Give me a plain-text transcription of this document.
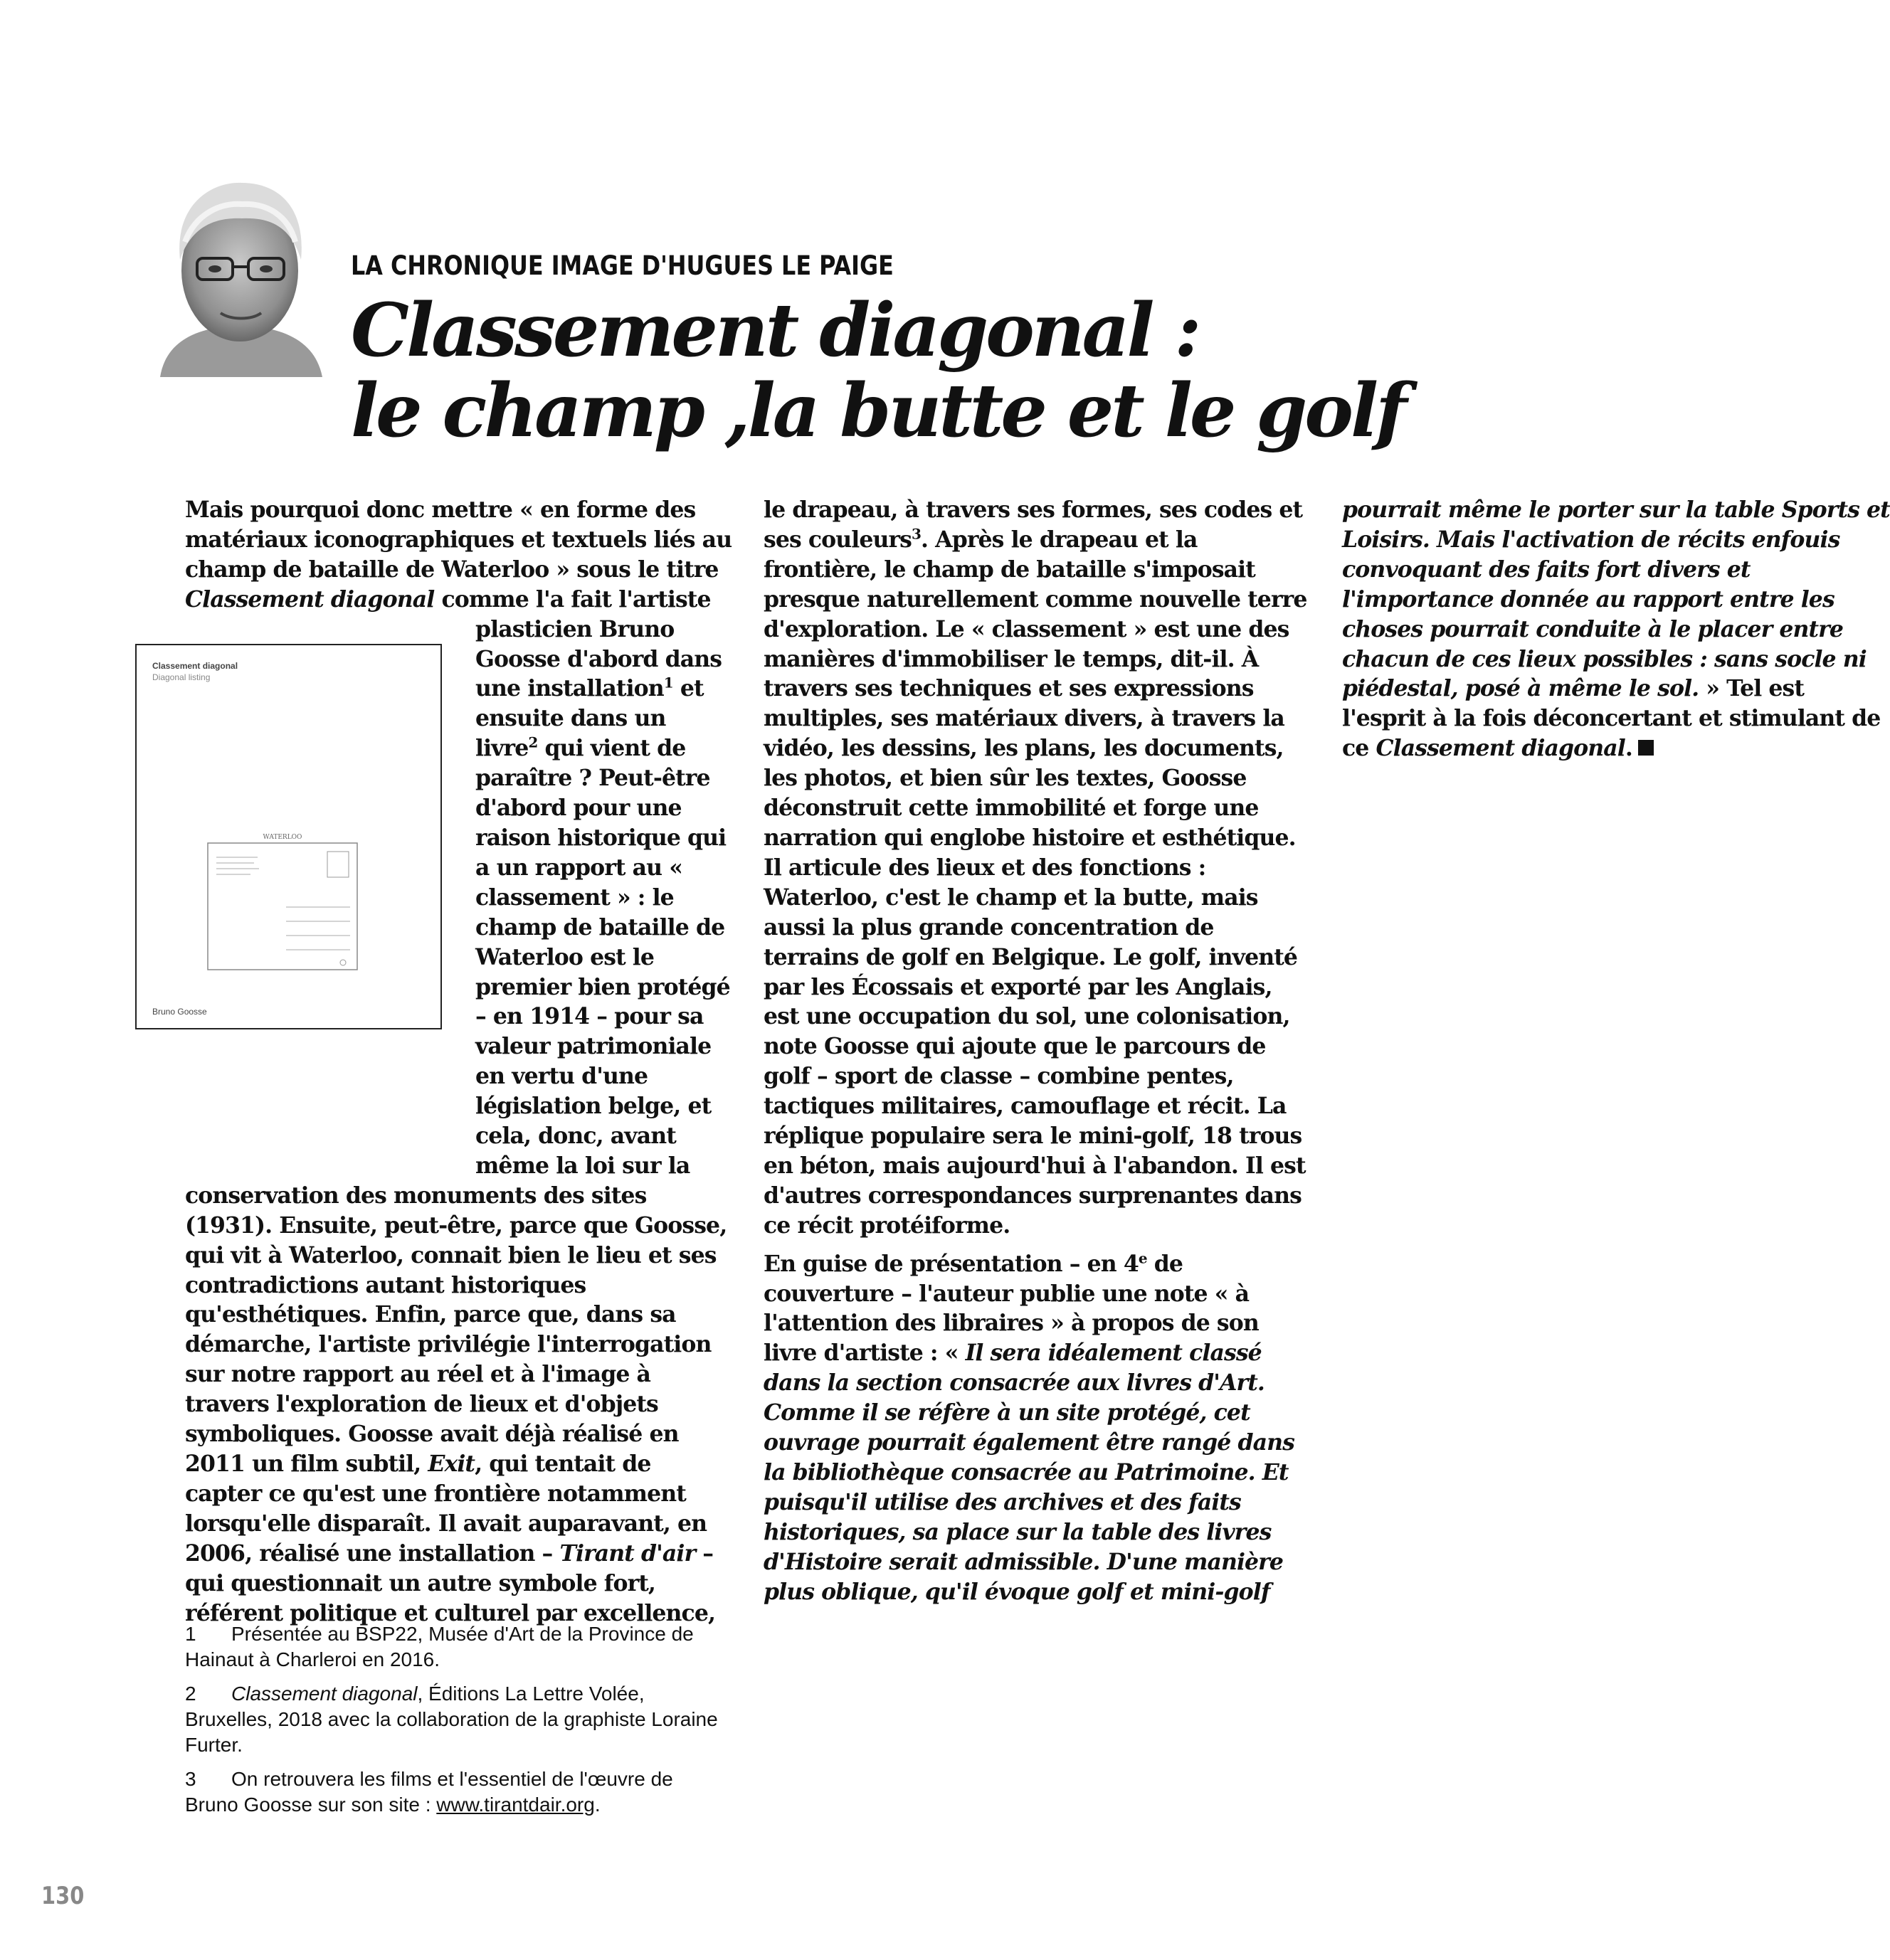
LA CHRONIQUE IMAGE D'HUGUES LE PAIGE
Classement diagonal :
le champ ,la butte et le golf
Classement diagonal
Diagonal listing
WATERLOO
Bruno Goosse

Mais pourquoi donc mettre « en forme des matériaux iconographiques et textuels liés au champ de bataille de Waterloo » sous le titre Classement diagonal comme l'a fait l'artiste plasticien Bruno Goosse d'abord dans une installation$^1$ et ensuite dans un livre$^2$ qui vient de paraître ? Peut-être d'abord pour une raison historique qui a un rapport au « classement » : le champ de bataille de Waterloo est le premier bien protégé – en 1914 – pour sa valeur patrimoniale en vertu d'une législation belge, et cela, donc, avant même la loi sur la conservation des monuments des sites (1931). Ensuite, peut-être, parce que Goosse, qui vit à Waterloo, connait bien le lieu et ses contradictions autant historiques qu'esthétiques. Enfin, parce que, dans sa démarche, l'artiste privilégie l'interrogation sur notre rapport au réel et à l'image à travers l'exploration de lieux et d'objets symboliques. Goosse avait déjà réalisé en 2011 un film subtil, Exit, qui tentait de capter ce qu'est une frontière notamment lorsqu'elle disparaît. Il avait auparavant, en 2006, réalisé une installation – Tirant d'air – qui questionnait un autre symbole fort, référent politique et culturel par excellence, le drapeau, à travers ses formes, ses codes et ses couleurs$^3$. Après le drapeau et la frontière, le champ de bataille s'imposait presque naturellement comme nouvelle terre d'exploration. Le « classement » est une des manières d'immobiliser le temps, dit-il. À travers ses techniques et ses expressions multiples, ses matériaux divers, à travers la vidéo, les dessins, les plans, les documents, les photos, et bien sûr les textes, Goosse déconstruit cette immobilité et forge une narration qui englobe histoire et esthétique. Il articule des lieux et des fonctions : Waterloo, c'est le champ et la butte, mais aussi la plus grande concentration de terrains de golf en Belgique. Le golf, inventé par les Écossais et exporté par les Anglais, est une occupation du sol, une colonisation, note Goosse qui ajoute que le parcours de golf – sport de classe – combine pentes, tactiques militaires, camouflage et récit. La réplique populaire sera le mini-golf, 18 trous en béton, mais aujourd'hui à l'abandon. Il est d'autres correspondances surprenantes dans ce récit protéiforme.

En guise de présentation – en 4e de couverture – l'auteur publie une note « à l'attention des libraires » à propos de son livre d'artiste : « Il sera idéalement classé dans la section consacrée aux livres d'Art. Comme il se réfère à un site protégé, cet ouvrage pourrait également être rangé dans la bibliothèque consacrée au Patrimoine. Et puisqu'il utilise des archives et des faits historiques, sa place sur la table des livres d'Histoire serait admissible. D'une manière plus oblique, qu'il évoque golf et mini-golf pourrait même le porter sur la table Sports et Loisirs. Mais l'activation de récits enfouis convoquant des faits fort divers et l'importance donnée au rapport entre les choses pourrait conduite à le placer entre chacun de ces lieux possibles : sans socle ni piédestal, posé à même le sol. » Tel est l'esprit à la fois déconcertant et stimulant de ce Classement diagonal.

1 Présentée au BSP22, Musée d'Art de la Province de Hainaut à Charleroi en 2016.

2 Classement diagonal, Éditions La Lettre Volée, Bruxelles, 2018 avec la collaboration de la graphiste Loraine Furter.

3 On retrouvera les films et l'essentiel de l'œuvre de Bruno Goosse sur son site : www.tirantdair.org.

130
